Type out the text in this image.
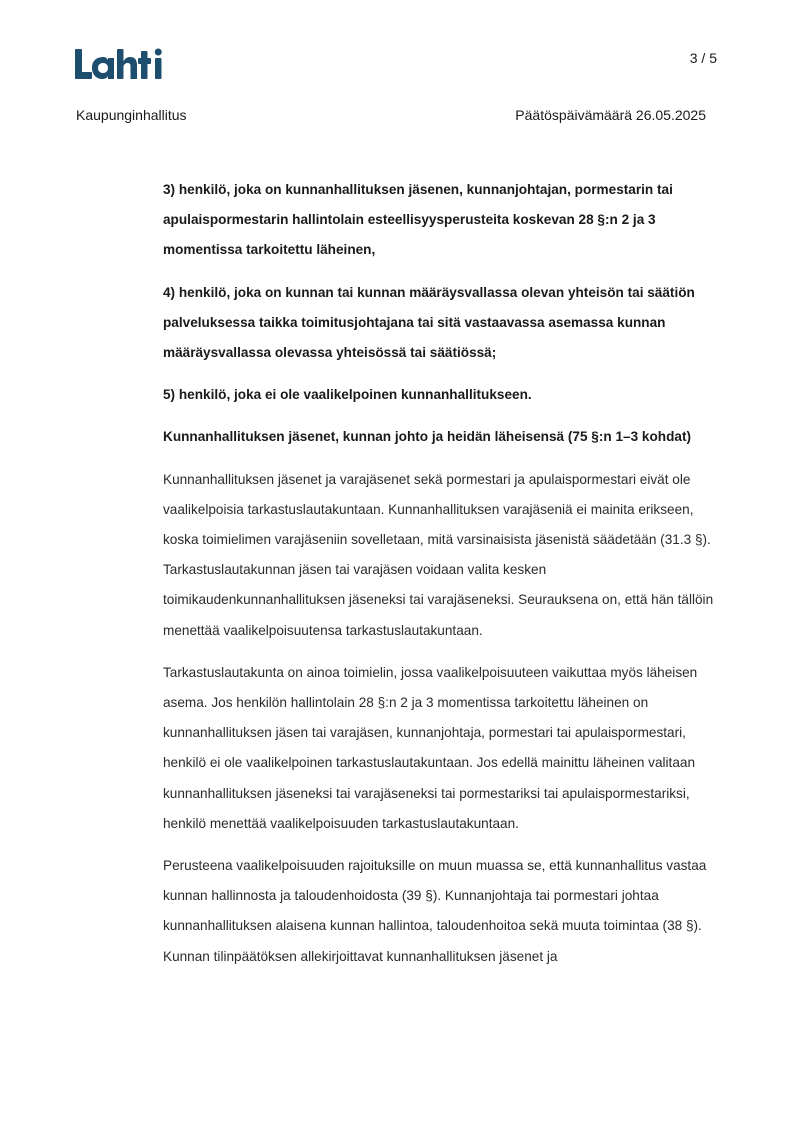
Lahti
3 / 5
Kaupunginhallitus	Päätöspäivämäärä 26.05.2025

3) henkilö, joka on kunnanhallituksen jäsenen, kunnanjohtajan, pormestarin tai apulaispormestarin hallintolain esteellisyysperusteita koskevan 28 §:n 2 ja 3 momentissa tarkoitettu läheinen,

4) henkilö, joka on kunnan tai kunnan määräysvallassa olevan yhteisön tai säätiön palveluksessa taikka toimitusjohtajana tai sitä vastaavassa asemassa kunnan määräysvallassa olevassa yhteisössä tai säätiössä;

5) henkilö, joka ei ole vaalikelpoinen kunnanhallitukseen.

Kunnanhallituksen jäsenet, kunnan johto ja heidän läheisensä (75 §:n 1–3 kohdat)

Kunnanhallituksen jäsenet ja varajäsenet sekä pormestari ja apulaispormestari eivät ole vaalikelpoisia tarkastuslautakuntaan. Kunnanhallituksen varajäseniä ei mainita erikseen, koska toimielimen varajäseniin sovelletaan, mitä varsinaisista jäsenistä säädetään (31.3 §). Tarkastuslautakunnan jäsen tai varajäsen voidaan valita kesken toimikaudenkunnanhallituksen jäseneksi tai varajäseneksi. Seurauksena on, että hän tällöin menettää vaalikelpoisuutensa tarkastuslautakuntaan.

Tarkastuslautakunta on ainoa toimielin, jossa vaalikelpoisuuteen vaikuttaa myös läheisen asema. Jos henkilön hallintolain 28 §:n 2 ja 3 momentissa tarkoitettu läheinen on kunnanhallituksen jäsen tai varajäsen, kunnanjohtaja, pormestari tai apulaispormestari, henkilö ei ole vaalikelpoinen tarkastuslautakuntaan. Jos edellä mainittu läheinen valitaan kunnanhallituksen jäseneksi tai varajäseneksi tai pormestariksi tai apulaispormestariksi, henkilö menettää vaalikelpoisuuden tarkastuslautakuntaan.

Perusteena vaalikelpoisuuden rajoituksille on muun muassa se, että kunnanhallitus vastaa kunnan hallinnosta ja taloudenhoidosta (39 §). Kunnanjohtaja tai pormestari johtaa kunnanhallituksen alaisena kunnan hallintoa, taloudenhoitoa sekä muuta toimintaa (38 §). Kunnan tilinpäätöksen allekirjoittavat kunnanhallituksen jäsenet ja
